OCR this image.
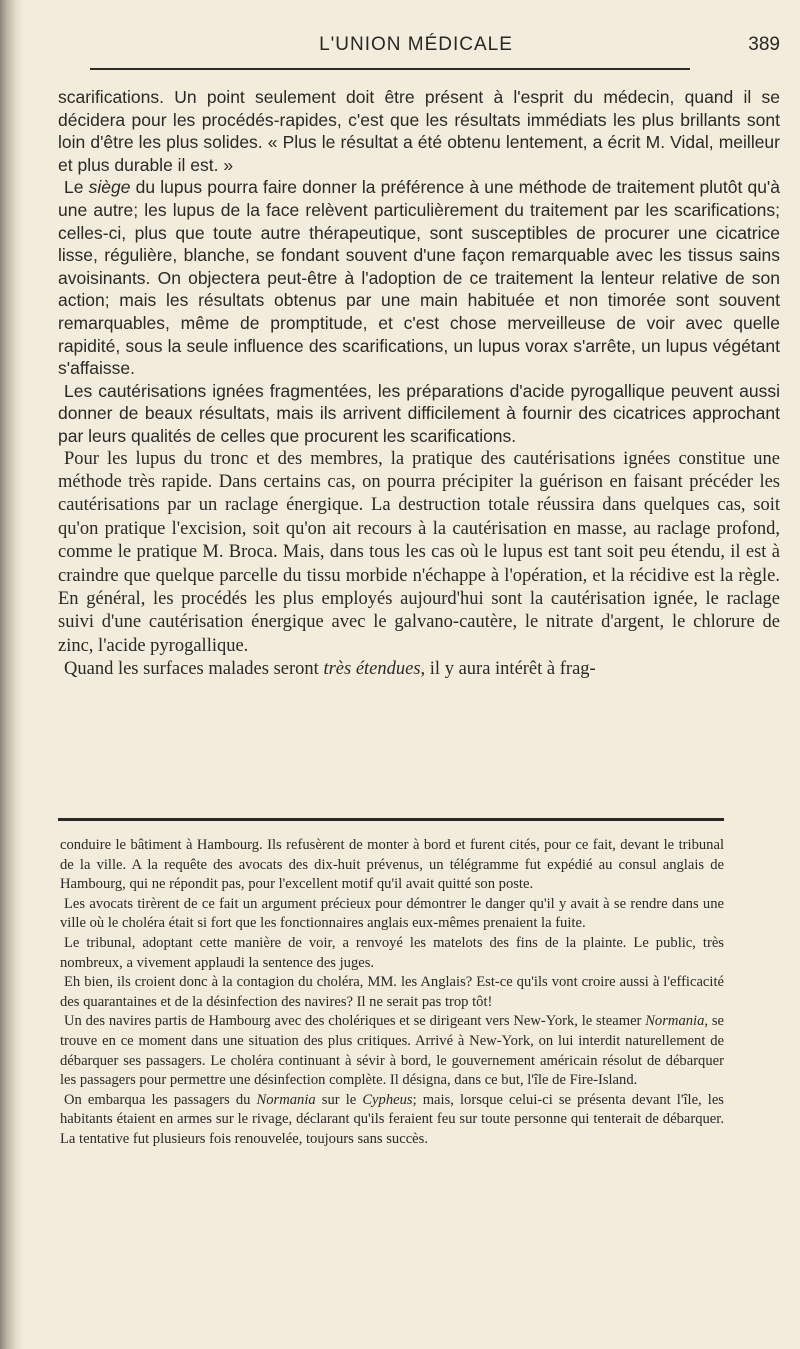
L'UNION MÉDICALE	389

scarifications. Un point seulement doit être présent à l'esprit du médecin, quand il se décidera pour les procédés-rapides, c'est que les résultats immédiats les plus brillants sont loin d'être les plus solides. « Plus le résultat a été obtenu lentement, a écrit M. Vidal, meilleur et plus durable il est. »

Le siège du lupus pourra faire donner la préférence à une méthode de traitement plutôt qu'à une autre; les lupus de la face relèvent particulièrement du traitement par les scarifications; celles-ci, plus que toute autre thérapeutique, sont susceptibles de procurer une cicatrice lisse, régulière, blanche, se fondant souvent d'une façon remarquable avec les tissus sains avoisinants. On objectera peut-être à l'adoption de ce traitement la lenteur relative de son action; mais les résultats obtenus par une main habituée et non timorée sont souvent remarquables, même de promptitude, et c'est chose merveilleuse de voir avec quelle rapidité, sous la seule influence des scarifications, un lupus vorax s'arrête, un lupus végétant s'affaisse.

Les cautérisations ignées fragmentées, les préparations d'acide pyrogallique peuvent aussi donner de beaux résultats, mais ils arrivent difficilement à fournir des cicatrices approchant par leurs qualités de celles que procurent les scarifications.

Pour les lupus du tronc et des membres, la pratique des cautérisations ignées constitue une méthode très rapide. Dans certains cas, on pourra précipiter la guérison en faisant précéder les cautérisations par un raclage énergique. La destruction totale réussira dans quelques cas, soit qu'on pratique l'excision, soit qu'on ait recours à la cautérisation en masse, au raclage profond, comme le pratique M. Broca. Mais, dans tous les cas où le lupus est tant soit peu étendu, il est à craindre que quelque parcelle du tissu morbide n'échappe à l'opération, et la récidive est la règle. En général, les procédés les plus employés aujourd'hui sont la cautérisation ignée, le raclage suivi d'une cautérisation énergique avec le galvano-cautère, le nitrate d'argent, le chlorure de zinc, l'acide pyrogallique.

Quand les surfaces malades seront très étendues, il y aura intérêt à frag-

conduire le bâtiment à Hambourg. Ils refusèrent de monter à bord et furent cités, pour ce fait, devant le tribunal de la ville. A la requête des avocats des dix-huit prévenus, un télégramme fut expédié au consul anglais de Hambourg, qui ne répondit pas, pour l'excellent motif qu'il avait quitté son poste.

Les avocats tirèrent de ce fait un argument précieux pour démontrer le danger qu'il y avait à se rendre dans une ville où le choléra était si fort que les fonctionnaires anglais eux-mêmes prenaient la fuite.

Le tribunal, adoptant cette manière de voir, a renvoyé les matelots des fins de la plainte. Le public, très nombreux, a vivement applaudi la sentence des juges.

Eh bien, ils croient donc à la contagion du choléra, MM. les Anglais? Est-ce qu'ils vont croire aussi à l'efficacité des quarantaines et de la désinfection des navires? Il ne serait pas trop tôt!

Un des navires partis de Hambourg avec des cholériques et se dirigeant vers New-York, le steamer Normania, se trouve en ce moment dans une situation des plus critiques. Arrivé à New-York, on lui interdit naturellement de débarquer ses passagers. Le choléra continuant à sévir à bord, le gouvernement américain résolut de débarquer les passagers pour permettre une désinfection complète. Il désigna, dans ce but, l'île de Fire-Island.

On embarqua les passagers du Normania sur le Cypheus; mais, lorsque celui-ci se présenta devant l'île, les habitants étaient en armes sur le rivage, déclarant qu'ils feraient feu sur toute personne qui tenterait de débarquer. La tentative fut plusieurs fois renouvelée, toujours sans succès.
